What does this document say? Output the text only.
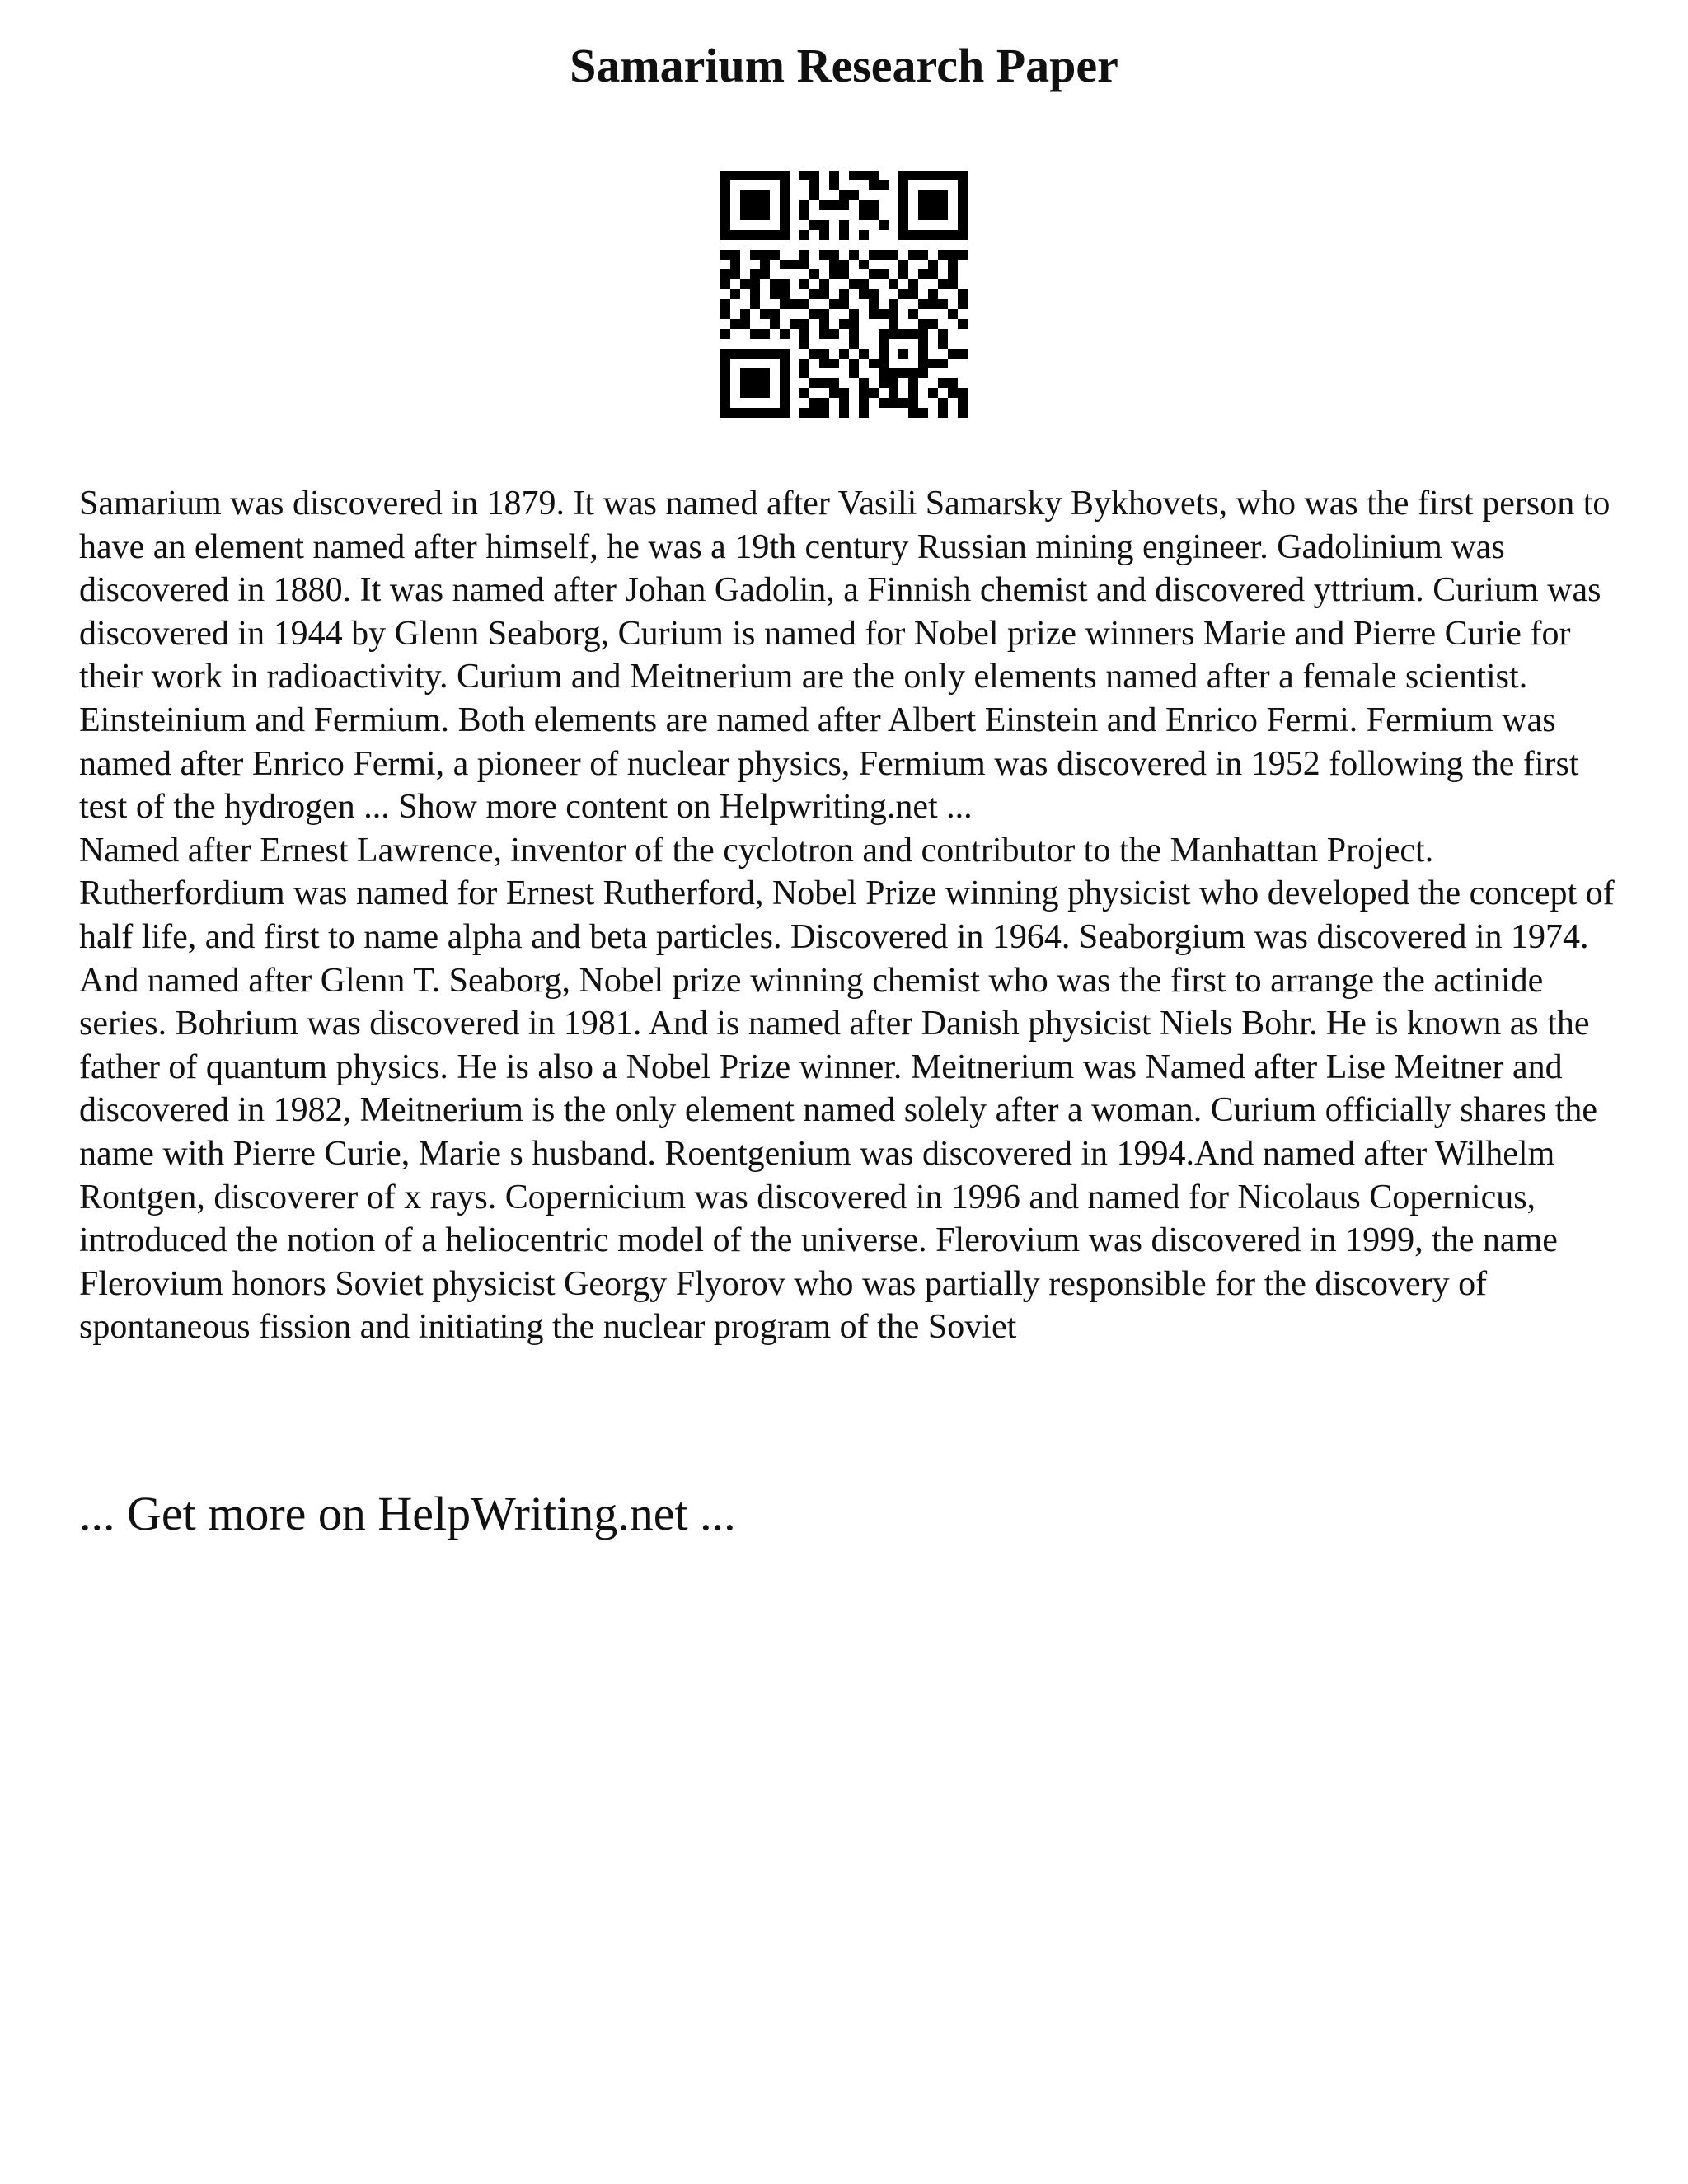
Samarium Research Paper

Samarium was discovered in 1879. It was named after Vasili Samarsky Bykhovets, who was the first person to have an element named after himself, he was a 19th century Russian mining engineer. Gadolinium was discovered in 1880. It was named after Johan Gadolin, a Finnish chemist and discovered yttrium. Curium was discovered in 1944 by Glenn Seaborg, Curium is named for Nobel prize winners Marie and Pierre Curie for their work in radioactivity. Curium and Meitnerium are the only elements named after a female scientist. Einsteinium and Fermium. Both elements are named after Albert Einstein and Enrico Fermi. Fermium was named after Enrico Fermi, a pioneer of nuclear physics, Fermium was discovered in 1952 following the first test of the hydrogen ... Show more content on Helpwriting.net ...

Named after Ernest Lawrence, inventor of the cyclotron and contributor to the Manhattan Project. Rutherfordium was named for Ernest Rutherford, Nobel Prize winning physicist who developed the concept of half life, and first to name alpha and beta particles. Discovered in 1964. Seaborgium was discovered in 1974. And named after Glenn T. Seaborg, Nobel prize winning chemist who was the first to arrange the actinide series. Bohrium was discovered in 1981. And is named after Danish physicist Niels Bohr. He is known as the father of quantum physics. He is also a Nobel Prize winner. Meitnerium was Named after Lise Meitner and discovered in 1982, Meitnerium is the only element named solely after a woman. Curium officially shares the name with Pierre Curie, Marie s husband. Roentgenium was discovered in 1994.And named after Wilhelm Rontgen, discoverer of x rays. Copernicium was discovered in 1996 and named for Nicolaus Copernicus, introduced the notion of a heliocentric model of the universe. Flerovium was discovered in 1999, the name Flerovium honors Soviet physicist Georgy Flyorov who was partially responsible for the discovery of spontaneous fission and initiating the nuclear program of the Soviet

... Get more on HelpWriting.net ...
